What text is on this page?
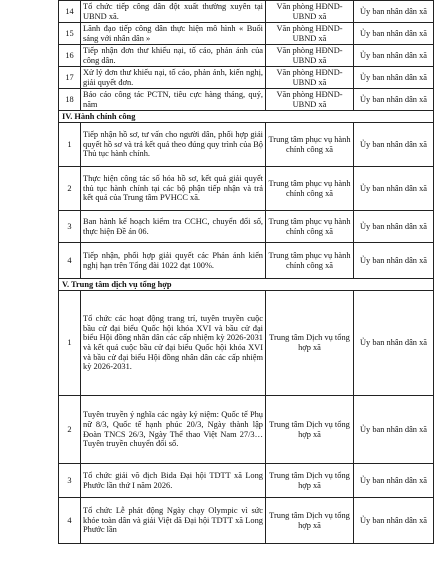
14	Tổ chức tiếp công dân đột xuất thường xuyên tại UBND xã.	Văn phòng HĐND-UBND xã	Ủy ban nhân dân xã
15	Lãnh đạo tiếp công dân thực hiện mô hình « Buổi sáng với nhân dân »	Văn phòng HĐND-UBND xã	Ủy ban nhân dân xã
16	Tiếp nhận đơn thư khiếu nại, tố cáo, phản ánh của công dân.	Văn phòng HĐND-UBND xã	Ủy ban nhân dân xã
17	Xử lý đơn thư khiếu nại, tố cáo, phản ánh, kiến nghị, giải quyết đơn.	Văn phòng HĐND-UBND xã	Ủy ban nhân dân xã
18	Báo cáo công tác PCTN, tiêu cực hàng tháng, quý, năm	Văn phòng HĐND-UBND xã	Ủy ban nhân dân xã
IV. Hành chính công			
1	Tiếp nhận hồ sơ, tư vấn cho người dân, phối hợp giải quyết hồ sơ và trả kết quả theo đúng quy trình của Bộ Thủ tục hành chính.	Trung tâm phục vụ hành chính công xã	Ủy ban nhân dân xã
2	Thực hiện công tác số hóa hồ sơ, kết quả giải quyết thủ tục hành chính tại các bộ phận tiếp nhận và trả kết quả của Trung tâm PVHCC xã.	Trung tâm phục vụ hành chính công xã	Ủy ban nhân dân xã
3	Ban hành kế hoạch kiểm tra CCHC, chuyển đổi số, thực hiện Đề án 06.	Trung tâm phục vụ hành chính công xã	Ủy ban nhân dân xã
4	Tiếp nhận, phối hợp giải quyết các Phản ánh kiến nghị hạn trên Tổng đài 1022 đạt 100%.	Trung tâm phục vụ hành chính công xã	Ủy ban nhân dân xã
V. Trung tâm dịch vụ tổng hợp			
1	Tổ chức các hoạt động trang trí, tuyên truyền cuộc bầu cử đại biểu Quốc hội khóa XVI và bầu cử đại biểu Hội đồng nhân dân các cấp nhiệm kỳ 2026-2031 và kết quả cuộc bầu cử đại biểu Quốc hội khóa XVI và bầu cử đại biểu Hội đồng nhân dân các cấp nhiệm kỳ 2026-2031.	Trung tâm Dịch vụ tổng hợp xã	Ủy ban nhân dân xã
2	Tuyên truyền ý nghĩa các ngày kỷ niệm: Quốc tế Phụ nữ 8/3, Quốc tế hạnh phúc 20/3, Ngày thành lập Đoàn TNCS 26/3, Ngày Thể thao Việt Nam 27/3… Tuyên truyền chuyển đổi số.	Trung tâm Dịch vụ tổng hợp xã	Ủy ban nhân dân xã
3	Tổ chức giải võ địch Bida Đại hội TDTT xã Long Phước lần thứ I năm 2026.	Trung tâm Dịch vụ tổng hợp xã	Ủy ban nhân dân xã
4	Tổ chức Lễ phát động Ngày chạy Olympic vì sức khỏe toàn dân và giải Việt dã Đại hội TDTT xã Long Phước lần	Trung tâm Dịch vụ tổng hợp xã	Ủy ban nhân dân xã
